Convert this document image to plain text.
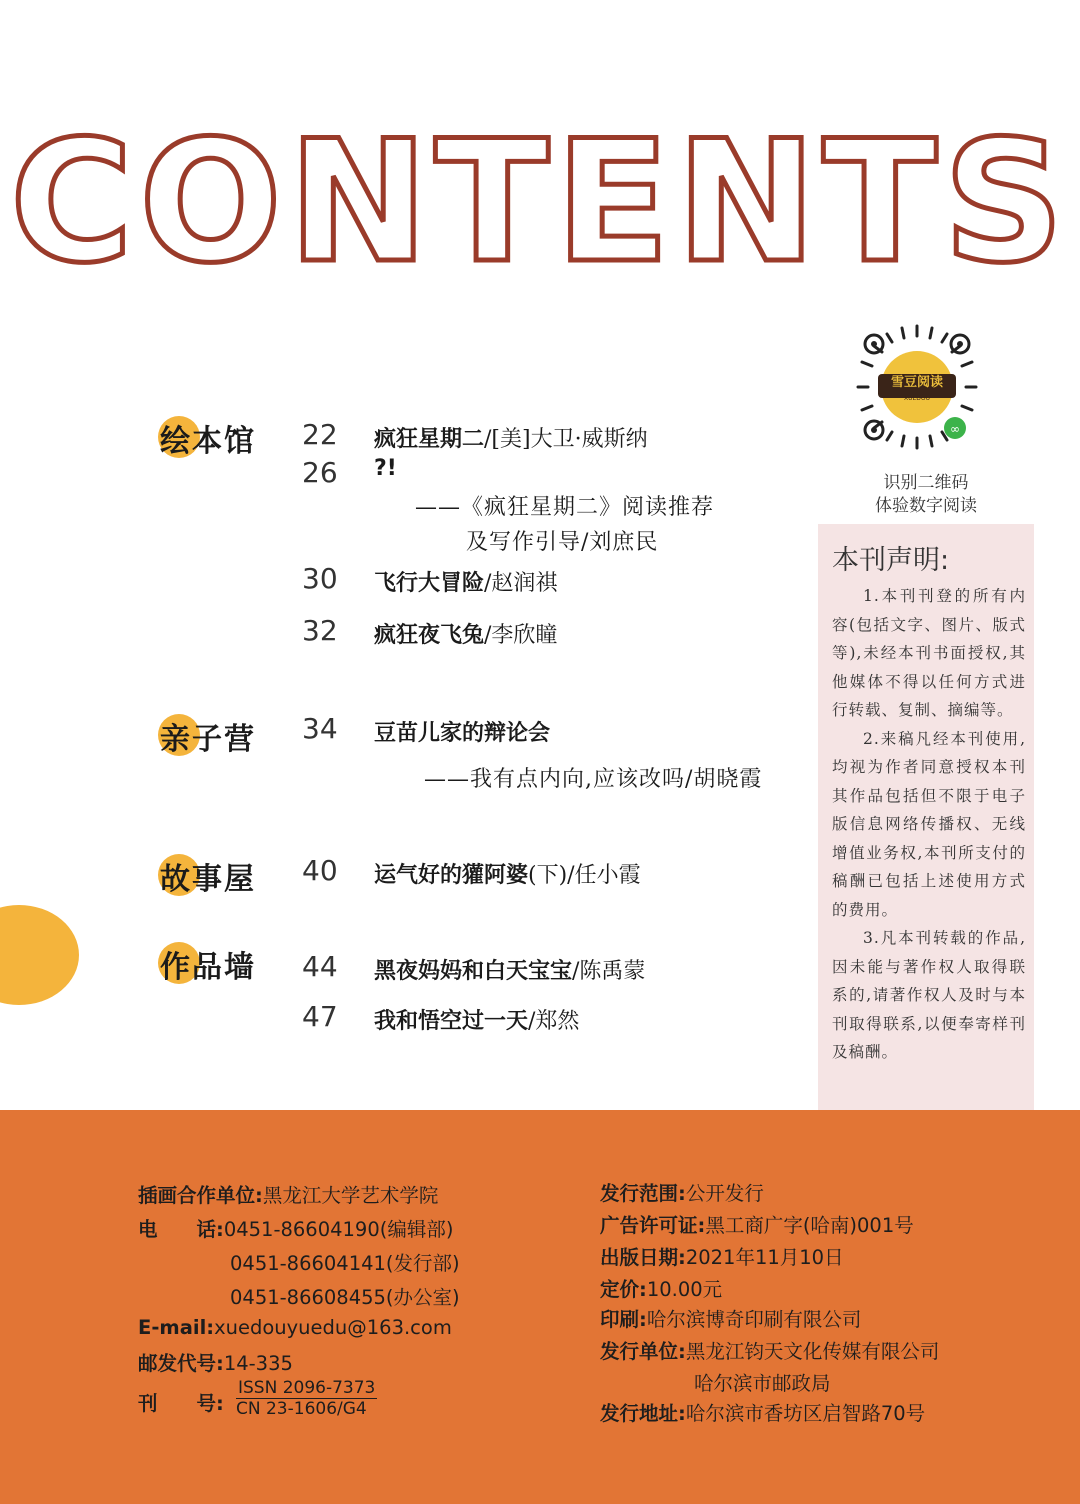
CONTENTS
∞
雪豆阅读
XUEDOU
识别二维码
体验数字阅读
本刊声明:

1.本刊刊登的所有内容(包括文字、图片、版式等),未经本刊书面授权,其他媒体不得以任何方式进行转载、复制、摘编等。

2.来稿凡经本刊使用,均视为作者同意授权本刊其作品包括但不限于电子版信息网络传播权、无线增值业务权,本刊所支付的稿酬已包括上述使用方式的费用。

3.凡本刊转载的作品,因未能与著作权人取得联系的,请著作权人及时与本刊取得联系,以便奉寄样刊及稿酬。

绘本馆 22 疯狂星期二/[美]大卫·威斯纳
26 ?!
——《疯狂星期二》阅读推荐
及写作引导/刘庶民
30 飞行大冒险/赵润祺
32 疯狂夜飞兔/李欣瞳
亲子营 34 豆苗儿家的辩论会
——我有点内向,应该改吗/胡晓霞
故事屋 40 运气好的獾阿婆(下)/任小霞
作品墙 44 黑夜妈妈和白天宝宝/陈禹蒙
47 我和悟空过一天/郑然
插画合作单位:黑龙江大学艺术学院
电　　话:0451-86604190(编辑部)
0451-86604141(发行部)
0451-86608455(办公室)
E-mail:xuedouyuedu@163.com
邮发代号:14-335
刊　　号:
ISSN 2096-7373
CN 23-1606/G4
发行范围:公开发行
广告许可证:黑工商广字(哈南)001号
出版日期:2021年11月10日
定价:10.00元
印刷:哈尔滨博奇印刷有限公司
发行单位:黑龙江钧天文化传媒有限公司
哈尔滨市邮政局
发行地址:哈尔滨市香坊区启智路70号
